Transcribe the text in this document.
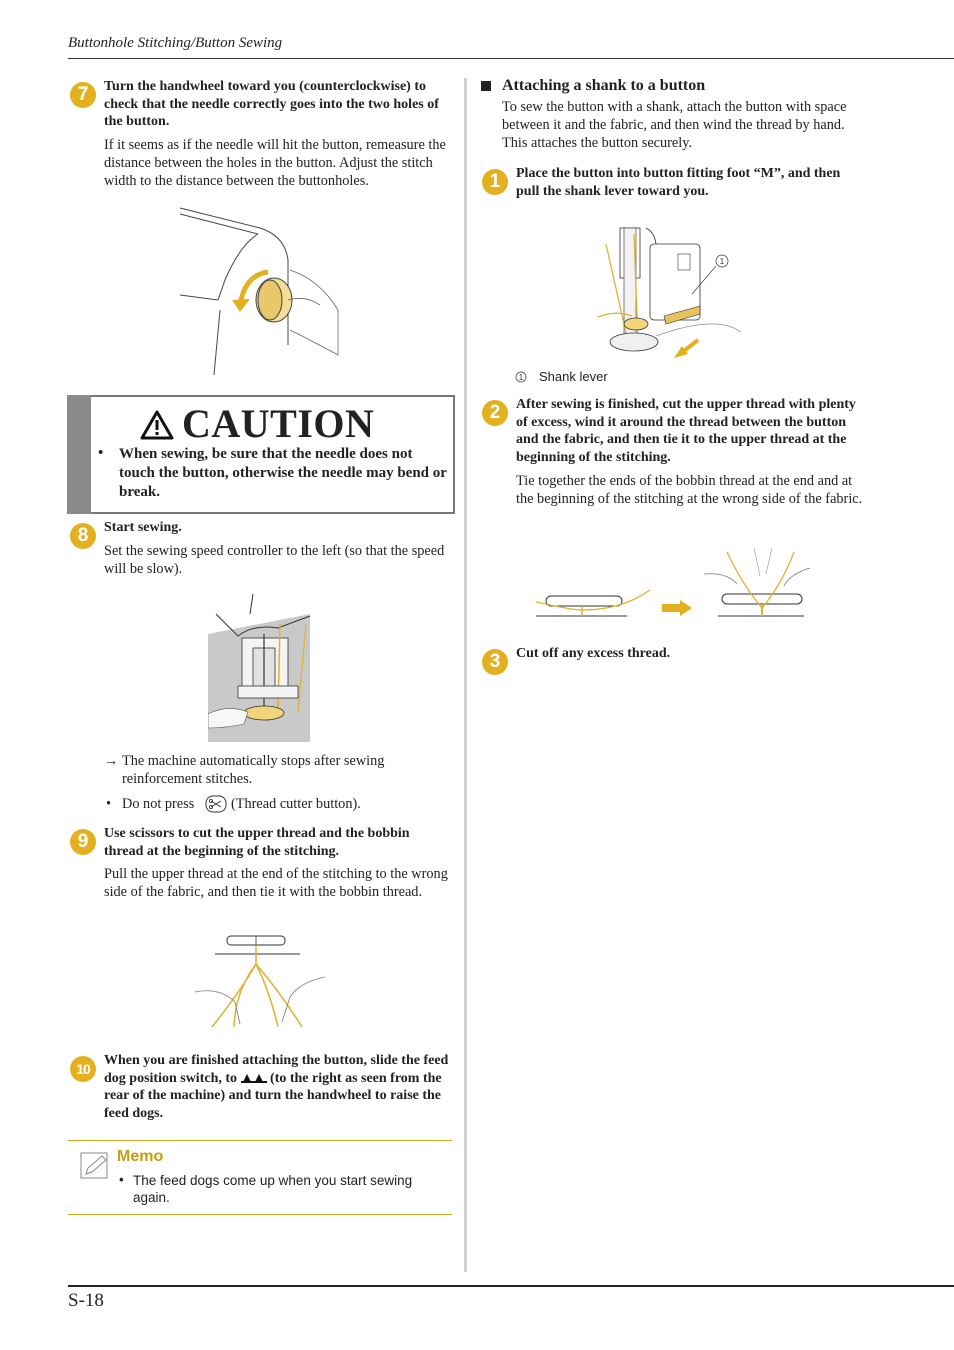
Buttonhole Stitching/Button Sewing
7	Turn the handwheel toward you (counterclockwise) to check that the needle correctly goes into the two holes of the button.
If it seems as if the needle will hit the button, remeasure the distance between the holes in the button. Adjust the stitch width to the distance between the buttonholes.
CAUTION
• When sewing, be sure that the needle does not touch the button, otherwise the needle may bend or break.
8	Start sewing.
Set the sewing speed controller to the left (so that the speed will be slow).
→ The machine automatically stops after sewing reinforcement stitches.
• Do not press	(Thread cutter button).
9	Use scissors to cut the upper thread and the bobbin thread at the beginning of the stitching.
Pull the upper thread at the end of the stitching to the wrong side of the fabric, and then tie it with the bobbin thread.
10
When you are finished attaching the button, slide the feed dog position switch, to (to the right as seen from the rear of the machine) and turn the handwheel to raise the feed dogs.
Memo
• The feed dogs come up when you start sewing again.
Attaching a shank to a button
To sew the button with a shank, attach the button with space between it and the fabric, and then wind the thread by hand. This attaches the button securely.
1	Place the button into button fitting foot “M”, and then pull the shank lever toward you.
1
1 Shank lever
2	After sewing is finished, cut the upper thread with plenty of excess, wind it around the thread between the button and the fabric, and then tie it to the upper thread at the beginning of the stitching.
Tie together the ends of the bobbin thread at the end and at the beginning of the stitching at the wrong side of the fabric.
3	Cut off any excess thread.
S-18
